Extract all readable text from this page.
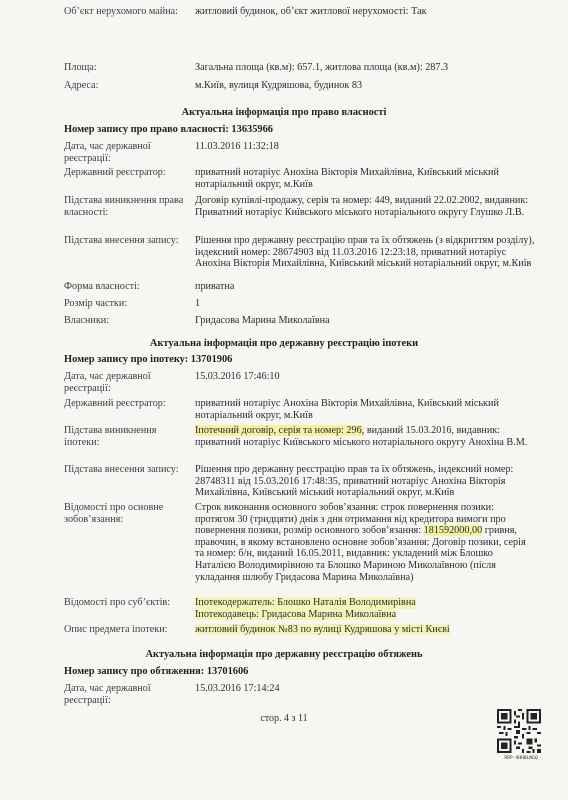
Об’єкт нерухомого майна:	житловий будинок, об’єкт житлової нерухомості: Так
Площа:	Загальна площа (кв.м): 657.1, житлова площа (кв.м): 287.3
Адреса:	м.Київ, вулиця Кудряшова, будинок 83
Актуальна інформація про право власності
Номер запису про право власності: 13635966
Дата, час державної реєстрації:
11.03.2016 11:32:18
Державний реєстратор:	приватний нотаріус Анохіна Вікторія Михайлівна, Київський міський нотаріальний округ, м.Київ
Підстава виникнення права власності:
Договір купівлі-продажу, серія та номер: 449, виданий 22.02.2002, видавник: Приватний нотаріус Київського міського нотаріального округу Глушко Л.В.
Підстава внесення запису:	Рішення про державну реєстрацію прав та їх обтяжень (з відкриттям розділу), індексний номер: 28674903 від 11.03.2016 12:23:18, приватний нотаріус Анохіна Вікторія Михайлівна, Київський міський нотаріальний округ, м.Київ
Форма власності:	приватна
Розмір частки:	1
Власники:	Гридасова Марина Миколаївна
Актуальна інформація про державну реєстрацію іпотеки
Номер запису про іпотеку: 13701906
Дата, час державної реєстрації:
15.03.2016 17:46:10
Державний реєстратор:	приватний нотаріус Анохіна Вікторія Михайлівна, Київський міський нотаріальний округ, м.Київ
Підстава виникнення іпотеки:
Іпотечний договір, серія та номер: 296, виданий 15.03.2016, видавник: приватний нотаріус Київського міського нотаріального округу Анохіна В.М.
Підстава внесення запису:	Рішення про державну реєстрацію прав та їх обтяжень, індексний номер: 28748311 від 15.03.2016 17:48:35, приватний нотаріус Анохіна Вікторія Михайлівна, Київський міський нотаріальний округ, м.Київ
Відомості про основне зобов’язання:
Строк виконання основного зобов’язання: строк повернення позики: протягом 30 (тридцяти) днів з дня отримання від кредитора вимоги про повернення позики, розмір основного зобов’язання: 181592000,00 гривня, правочин, в якому встановлено основне зобов’язання: Договір позики, серія та номер: б/н, виданий 16.05.2011, видавник: укладений між Блошко Наталією Володимирівною та Блошко Мариною Миколаївною (після укладання шлюбу Гридасова Марина Миколаївна)
Відомості про суб’єктів:	Іпотекодержатель: Блошко Наталія Володимирівна
Іпотекодавець: Гридасова Марина Миколаївна
Опис предмета іпотеки:	житловий будинок №83 по вулиці Кудряшова у місті Києві
Актуальна інформація про державну реєстрацію обтяжень
Номер запису про обтяження: 13701606
Дата, час державної реєстрації:
15.03.2016 17:14:24
стор. 4 з 11
RRP-4HH0LNGQ
